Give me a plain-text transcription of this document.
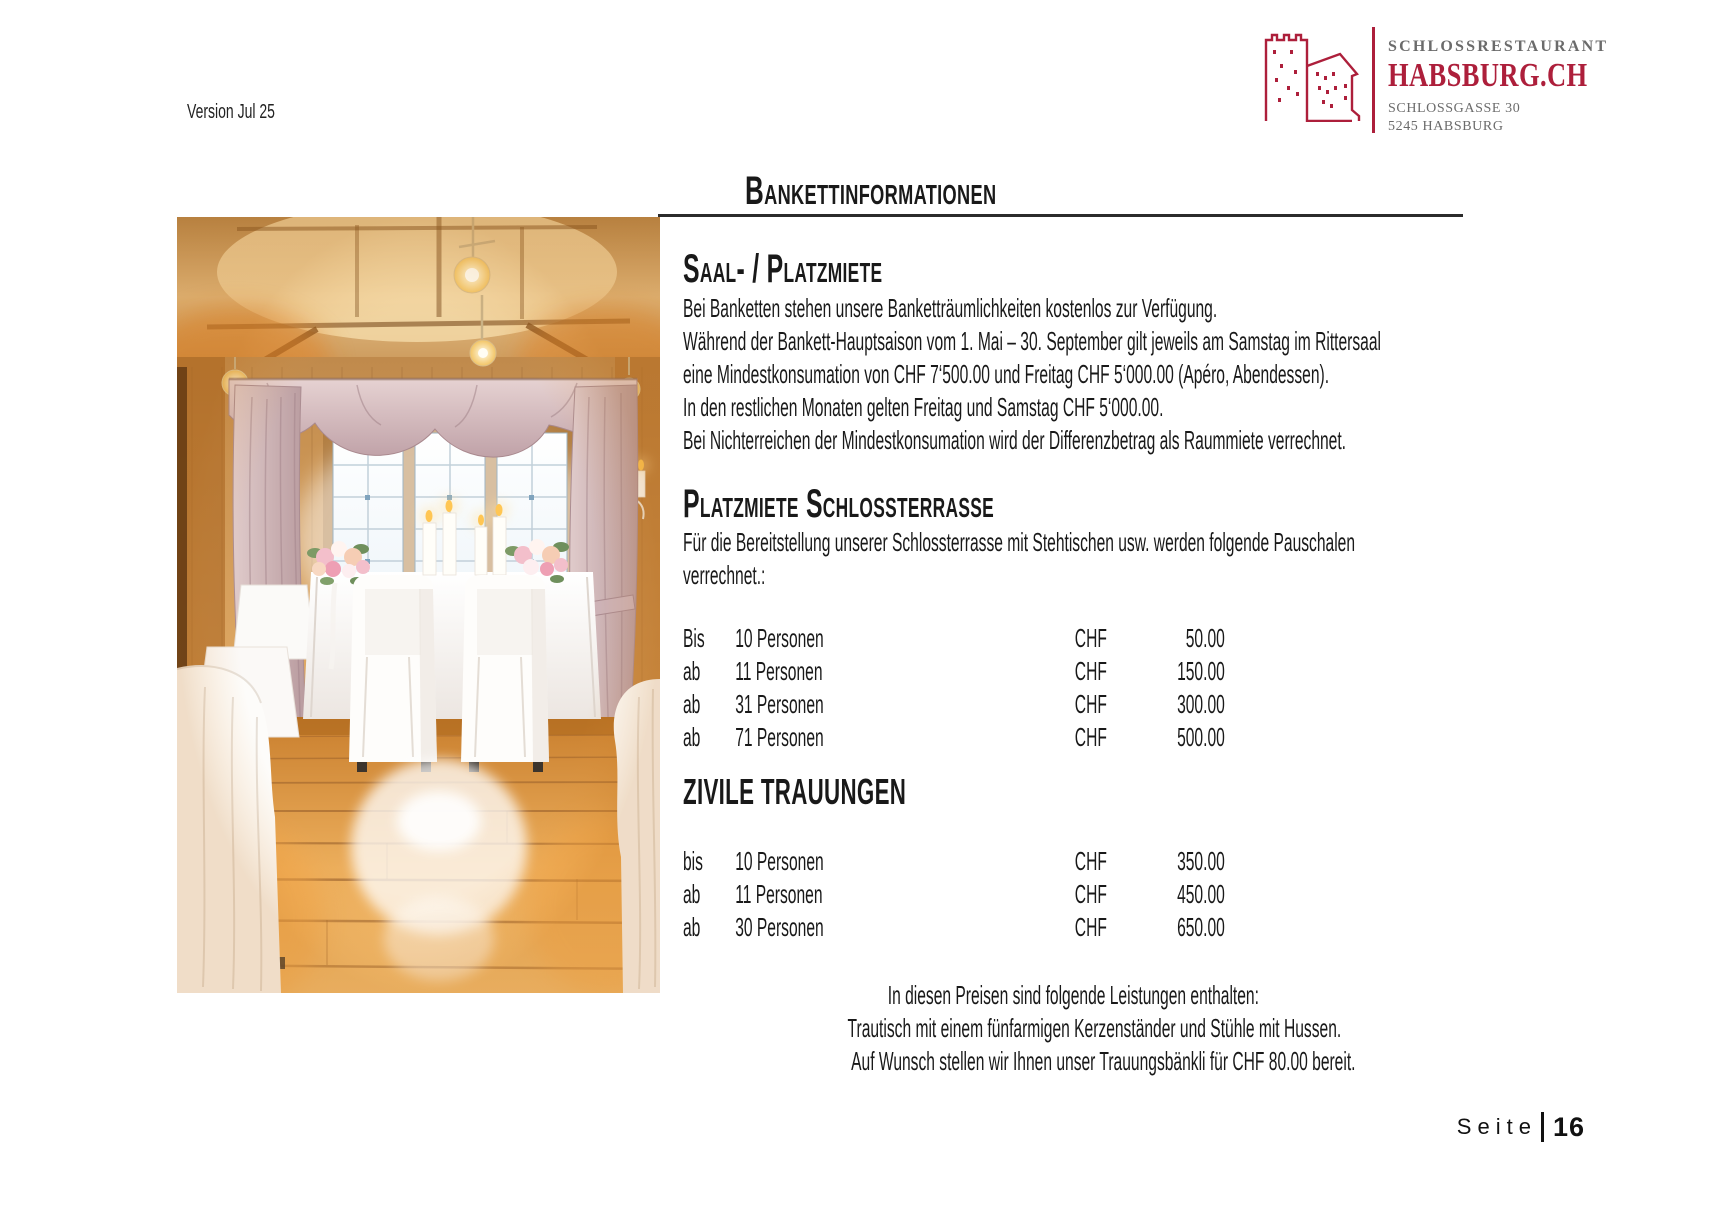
Version Jul 25
SCHLOSSRESTAURANT
HABSBURG.CH
SCHLOSSGASSE 30
5245 HABSBURG
Bankettinformationen
Saal- / Platzmiete
Bei Banketten stehen unsere Banketträumlichkeiten kostenlos zur Verfügung.
Während der Bankett-Hauptsaison vom 1. Mai – 30. September gilt jeweils am Samstag im Rittersaal
eine Mindestkonsumation von CHF 7‘500.00 und Freitag CHF 5‘000.00 (Apéro, Abendessen).
In den restlichen Monaten gelten Freitag und Samstag CHF 5‘000.00.
Bei Nichterreichen der Mindestkonsumation wird der Differenzbetrag als Raummiete verrechnet.
Platzmiete Schlossterrasse
Für die Bereitstellung unserer Schlossterrasse mit Stehtischen usw. werden folgende Pauschalen
verrechnet.:
Bis	10 Personen	CHF	50.00
ab	11 Personen	CHF	150.00
ab	31 Personen	CHF	300.00
ab	71 Personen	CHF	500.00
ZIVILE TRAUUNGEN
bis	10 Personen	CHF	350.00
ab	11 Personen	CHF	450.00
ab	30 Personen	CHF	650.00
In diesen Preisen sind folgende Leistungen enthalten:
Trautisch mit einem fünfarmigen Kerzenständer und Stühle mit Hussen.
Auf Wunsch stellen wir Ihnen unser Trauungsbänkli für CHF 80.00 bereit.
Seite 16
